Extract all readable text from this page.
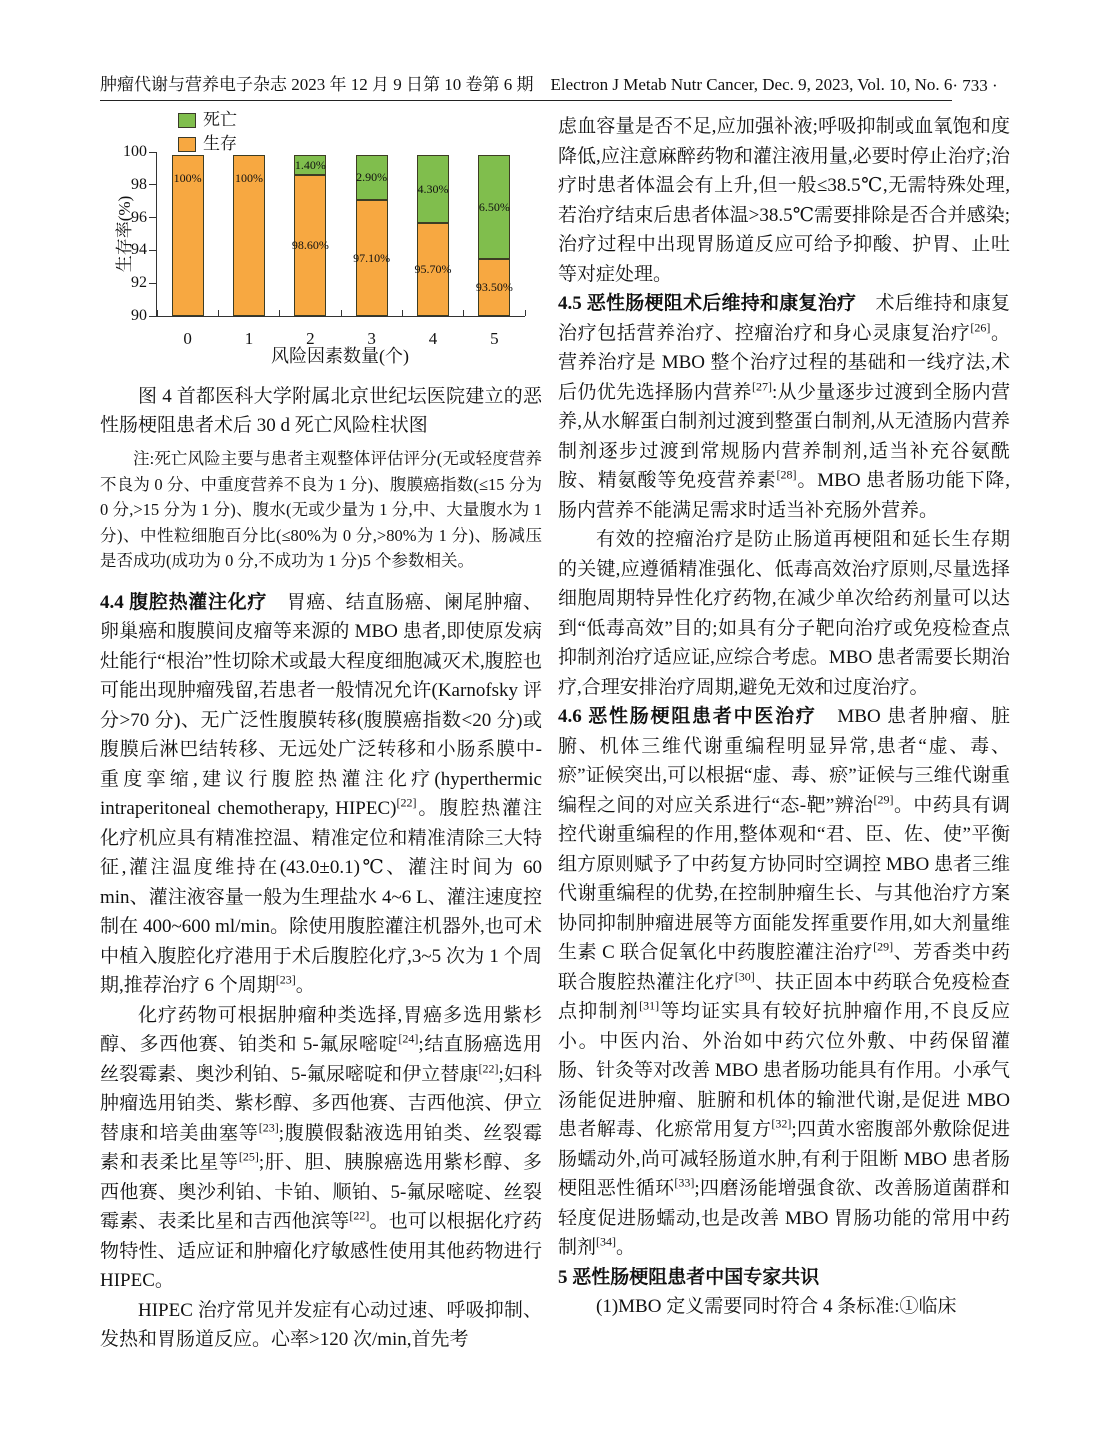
肿瘤代谢与营养电子杂志 2023 年 12 月 9 日第 10 卷第 6 期　Electron J Metab Nutr Cancer, Dec. 9, 2023, Vol. 10, No. 6 · 733 ·
死亡
生存
生存率(%)
90
92
94
96
98
100
100%
0
100%
1
1.40%
98.60%
2
2.90%
97.10%
3
4.30%
95.70%
4
6.50%
93.50%
5
风险因素数量(个)

图 4 首都医科大学附属北京世纪坛医院建立的恶性肠梗阻患者术后 30 d 死亡风险柱状图

注:死亡风险主要与患者主观整体评估评分(无或轻度营养不良为 0 分、中重度营养不良为 1 分)、腹膜癌指数(≤15 分为 0 分,>15 分为 1 分)、腹水(无或少量为 1 分,中、大量腹水为 1 分)、中性粒细胞百分比(≤80%为 0 分,>80%为 1 分)、肠减压是否成功(成功为 0 分,不成功为 1 分)5 个参数相关。

4.4 腹腔热灌注化疗　胃癌、结直肠癌、阑尾肿瘤、卵巢癌和腹膜间皮瘤等来源的 MBO 患者,即使原发病灶能行“根治”性切除术或最大程度细胞减灭术,腹腔也可能出现肿瘤残留,若患者一般情况允许(Karnofsky 评分>70 分)、无广泛性腹膜转移(腹膜癌指数<20 分)或腹膜后淋巴结转移、无远处广泛转移和小肠系膜中-重度挛缩,建议行腹腔热灌注化疗(hyperthermic intraperitoneal chemotherapy, HIPEC)[22]。腹腔热灌注化疗机应具有精准控温、精准定位和精准清除三大特征,灌注温度维持在(43.0±0.1)℃、灌注时间为 60 min、灌注液容量一般为生理盐水 4~6 L、灌注速度控制在 400~600 ml/min。除使用腹腔灌注机器外,也可术中植入腹腔化疗港用于术后腹腔化疗,3~5 次为 1 个周期,推荐治疗 6 个周期[23]。

化疗药物可根据肿瘤种类选择,胃癌多选用紫杉醇、多西他赛、铂类和 5-氟尿嘧啶[24];结直肠癌选用丝裂霉素、奥沙利铂、5-氟尿嘧啶和伊立替康[22];妇科肿瘤选用铂类、紫杉醇、多西他赛、吉西他滨、伊立替康和培美曲塞等[23];腹膜假黏液选用铂类、丝裂霉素和表柔比星等[25];肝、胆、胰腺癌选用紫杉醇、多西他赛、奥沙利铂、卡铂、顺铂、5-氟尿嘧啶、丝裂霉素、表柔比星和吉西他滨等[22]。也可以根据化疗药物特性、适应证和肿瘤化疗敏感性使用其他药物进行 HIPEC。

HIPEC 治疗常见并发症有心动过速、呼吸抑制、发热和胃肠道反应。心率>120 次/min,首先考

虑血容量是否不足,应加强补液;呼吸抑制或血氧饱和度降低,应注意麻醉药物和灌注液用量,必要时停止治疗;治疗时患者体温会有上升,但一般≤38.5℃,无需特殊处理,若治疗结束后患者体温>38.5℃需要排除是否合并感染;治疗过程中出现胃肠道反应可给予抑酸、护胃、止吐等对症处理。

4.5 恶性肠梗阻术后维持和康复治疗　术后维持和康复治疗包括营养治疗、控瘤治疗和身心灵康复治疗[26]。营养治疗是 MBO 整个治疗过程的基础和一线疗法,术后仍优先选择肠内营养[27]:从少量逐步过渡到全肠内营养,从水解蛋白制剂过渡到整蛋白制剂,从无渣肠内营养制剂逐步过渡到常规肠内营养制剂,适当补充谷氨酰胺、精氨酸等免疫营养素[28]。MBO 患者肠功能下降,肠内营养不能满足需求时适当补充肠外营养。

有效的控瘤治疗是防止肠道再梗阻和延长生存期的关键,应遵循精准强化、低毒高效治疗原则,尽量选择细胞周期特异性化疗药物,在减少单次给药剂量可以达到“低毒高效”目的;如具有分子靶向治疗或免疫检查点抑制剂治疗适应证,应综合考虑。MBO 患者需要长期治疗,合理安排治疗周期,避免无效和过度治疗。

4.6 恶性肠梗阻患者中医治疗　MBO 患者肿瘤、脏腑、机体三维代谢重编程明显异常,患者“虚、毒、瘀”证候突出,可以根据“虚、毒、瘀”证候与三维代谢重编程之间的对应关系进行“态-靶”辨治[29]。中药具有调控代谢重编程的作用,整体观和“君、臣、佐、使”平衡组方原则赋予了中药复方协同时空调控 MBO 患者三维代谢重编程的优势,在控制肿瘤生长、与其他治疗方案协同抑制肿瘤进展等方面能发挥重要作用,如大剂量维生素 C 联合促氧化中药腹腔灌注治疗[29]、芳香类中药联合腹腔热灌注化疗[30]、扶正固本中药联合免疫检查点抑制剂[31]等均证实具有较好抗肿瘤作用,不良反应小。中医内治、外治如中药穴位外敷、中药保留灌肠、针灸等对改善 MBO 患者肠功能具有作用。小承气汤能促进肿瘤、脏腑和机体的输泄代谢,是促进 MBO 患者解毒、化瘀常用复方[32];四黄水密腹部外敷除促进肠蠕动外,尚可减轻肠道水肿,有利于阻断 MBO 患者肠梗阻恶性循环[33];四磨汤能增强食欲、改善肠道菌群和轻度促进肠蠕动,也是改善 MBO 胃肠功能的常用中药制剂[34]。

5 恶性肠梗阻患者中国专家共识

(1)MBO 定义需要同时符合 4 条标准:①临床
